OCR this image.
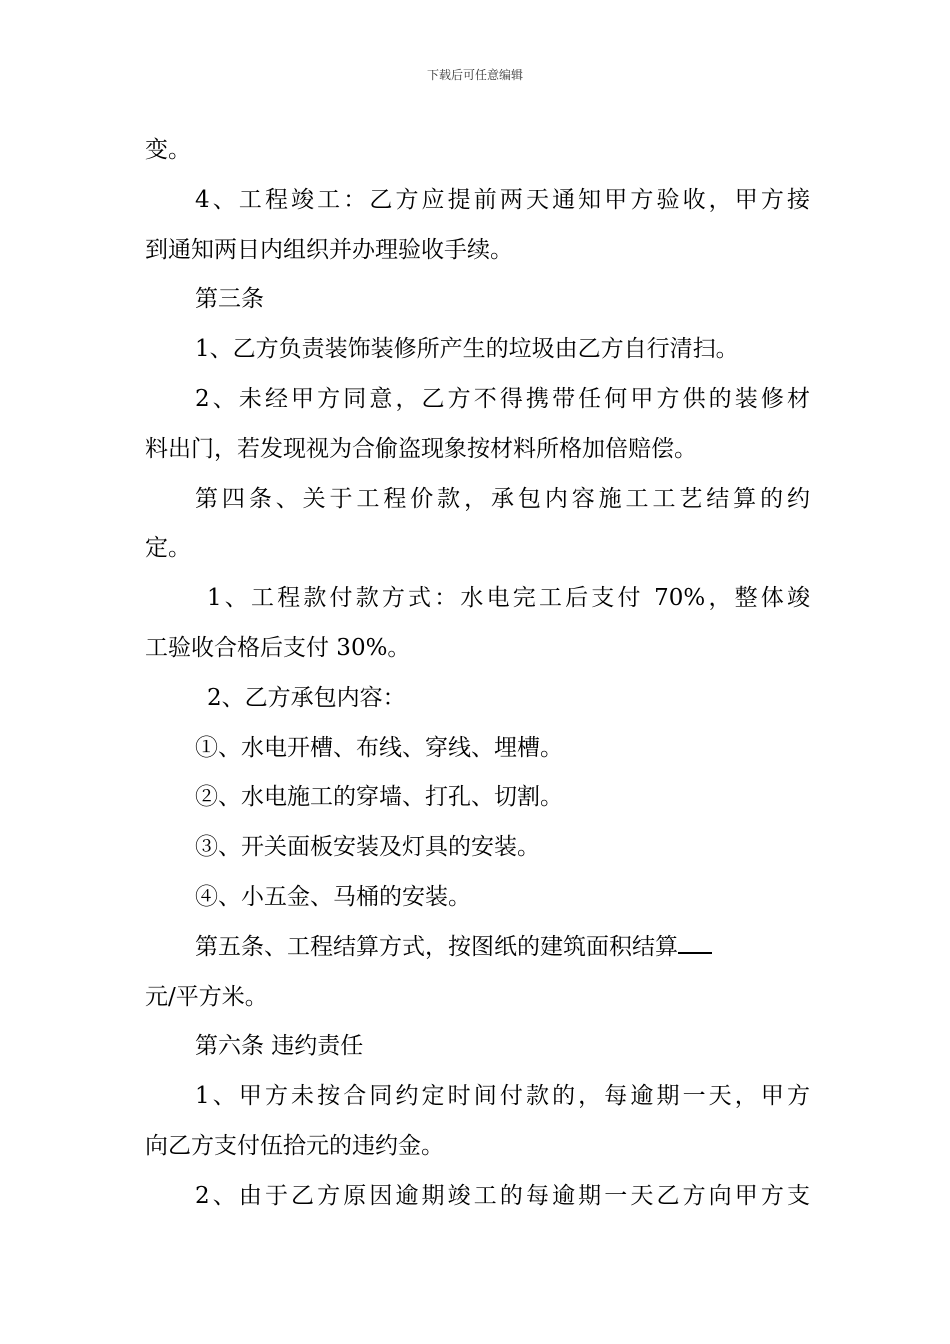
下载后可任意编辑
变。
4、工程竣工：乙方应提前两天通知甲方验收，甲方接
到通知两日内组织并办理验收手续。
第三条
1、乙方负责装饰装修所产生的垃圾由乙方自行清扫。
2、未经甲方同意，乙方不得携带任何甲方供的装修材
料出门，若发现视为合偷盗现象按材料所格加倍赔偿。
第四条、关于工程价款，承包内容施工工艺结算的约
定。
1、工程款付款方式：水电完工后支付 70%，整体竣
工验收合格后支付 30%。
2、乙方承包内容：
①、水电开槽、布线、穿线、埋槽。
②、水电施工的穿墙、打孔、切割。
③、开关面板安装及灯具的安装。
④、小五金、马桶的安装。
第五条、工程结算方式，按图纸的建筑面积结算
元/平方米。
第六条 违约责任
1、甲方未按合同约定时间付款的，每逾期一天，甲方
向乙方支付伍拾元的违约金。
2、由于乙方原因逾期竣工的每逾期一天乙方向甲方支
